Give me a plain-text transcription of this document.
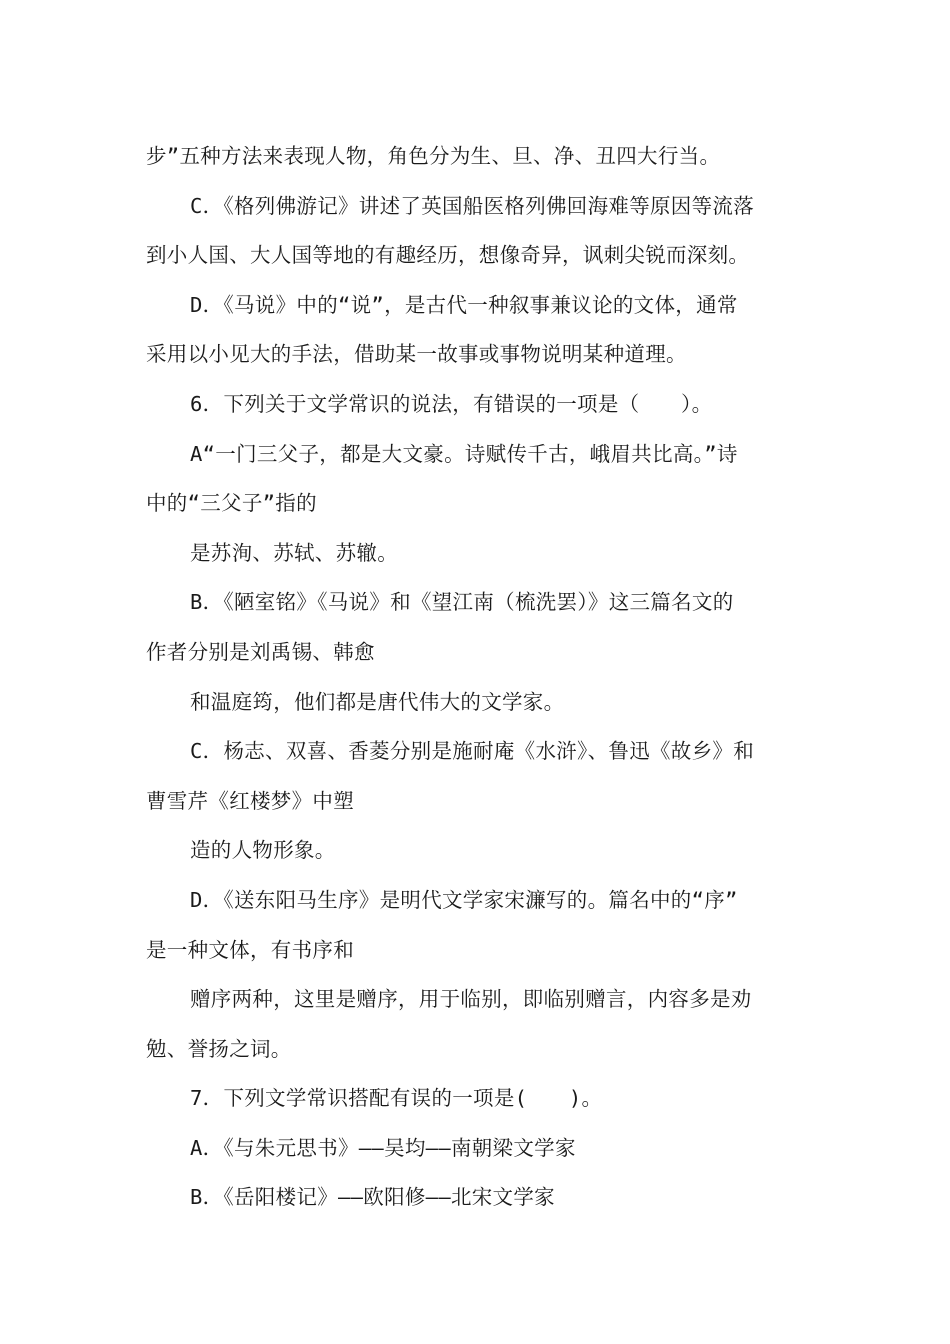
步”五种方法来表现人物，角色分为生、旦、净、丑四大行当。
C．《格列佛游记》讲述了英国船医格列佛回海难等原因等流落
到小人国、大人国等地的有趣经历，想像奇异，讽刺尖锐而深刻。
D．《马说》中的“说”，是古代一种叙事兼议论的文体，通常
采用以小见大的手法，借助某一故事或事物说明某种道理。
6．下列关于文学常识的说法，有错误的一项是（　　）。
A“一门三父子，都是大文豪。诗赋传千古，峨眉共比高。”诗
中的“三父子”指的
是苏洵、苏轼、苏辙。
B．《陋室铭》《马说》和《望江南（梳洗罢）》这三篇名文的
作者分别是刘禹锡、韩愈
和温庭筠，他们都是唐代伟大的文学家。
C．杨志、双喜、香菱分别是施耐庵《水浒》、鲁迅《故乡》和
曹雪芹《红楼梦》中塑
造的人物形象。
D．《送东阳马生序》是明代文学家宋濂写的。篇名中的“序”
是一种文体，有书序和
赠序两种，这里是赠序，用于临别，即临别赠言，内容多是劝
勉、誉扬之词。
7．下列文学常识搭配有误的一项是(　　)。
A．《与朱元思书》——吴均——南朝梁文学家
B．《岳阳楼记》——欧阳修——北宋文学家
